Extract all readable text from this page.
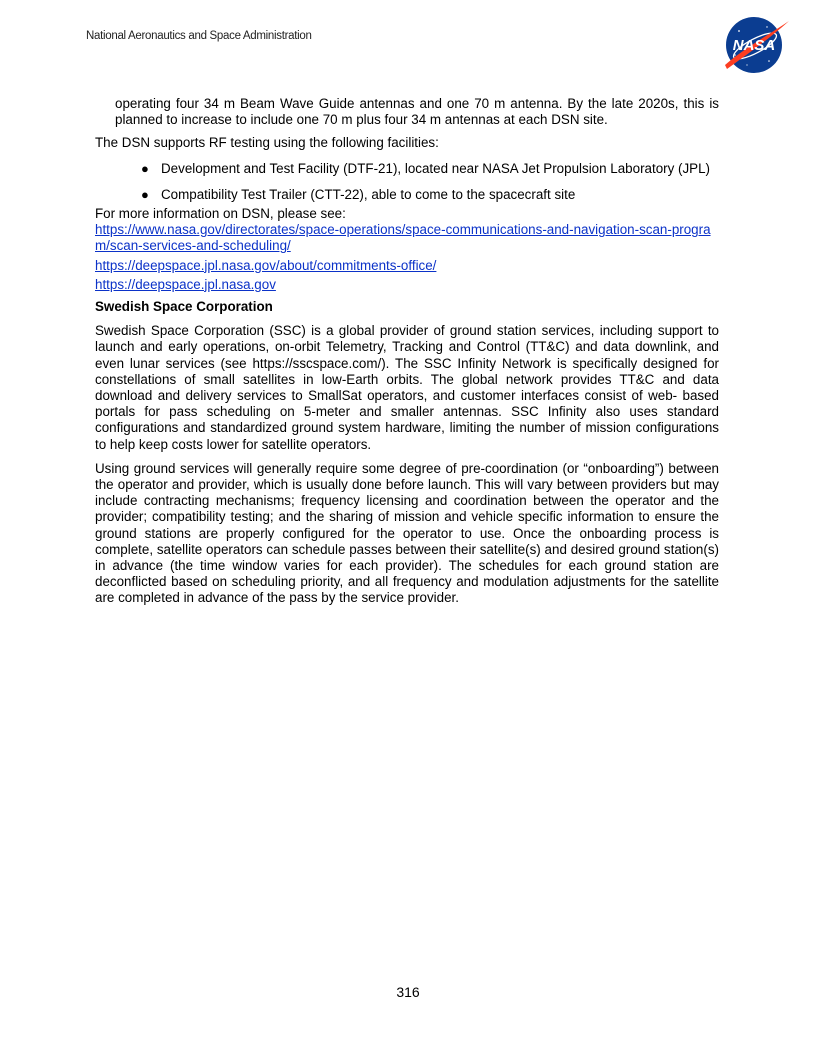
National Aeronautics and Space Administration
NASA

operating four 34 m Beam Wave Guide antennas and one 70 m antenna. By the late 2020s, this is planned to increase to include one 70 m plus four 34 m antennas at each DSN site.

The DSN supports RF testing using the following facilities:

● Development and Test Facility (DTF-21), located near NASA Jet Propulsion Laboratory (JPL)
● Compatibility Test Trailer (CTT-22), able to come to the spacecraft site

For more information on DSN, please see:

https://www.nasa.gov/directorates/space-operations/space-communications-and-navigation-scan-program/scan-services-and-scheduling/
https://deepspace.jpl.nasa.gov/about/commitments-office/
https://deepspace.jpl.nasa.gov

Swedish Space Corporation

Swedish Space Corporation (SSC) is a global provider of ground station services, including support to launch and early operations, on-orbit Telemetry, Tracking and Control (TT&C) and data downlink, and even lunar services (see https://sscspace.com/). The SSC Infinity Network is specifically designed for constellations of small satellites in low-Earth orbits. The global network provides TT&C and data download and delivery services to SmallSat operators, and customer interfaces consist of web- based portals for pass scheduling on 5-meter and smaller antennas. SSC Infinity also uses standard configurations and standardized ground system hardware, limiting the number of mission configurations to help keep costs lower for satellite operators.

Using ground services will generally require some degree of pre-coordination (or “onboarding”) between the operator and provider, which is usually done before launch. This will vary between providers but may include contracting mechanisms; frequency licensing and coordination between the operator and the provider; compatibility testing; and the sharing of mission and vehicle specific information to ensure the ground stations are properly configured for the operator to use. Once the onboarding process is complete, satellite operators can schedule passes between their satellite(s) and desired ground station(s) in advance (the time window varies for each provider). The schedules for each ground station are deconflicted based on scheduling priority, and all frequency and modulation adjustments for the satellite are completed in advance of the pass by the service provider.

316
